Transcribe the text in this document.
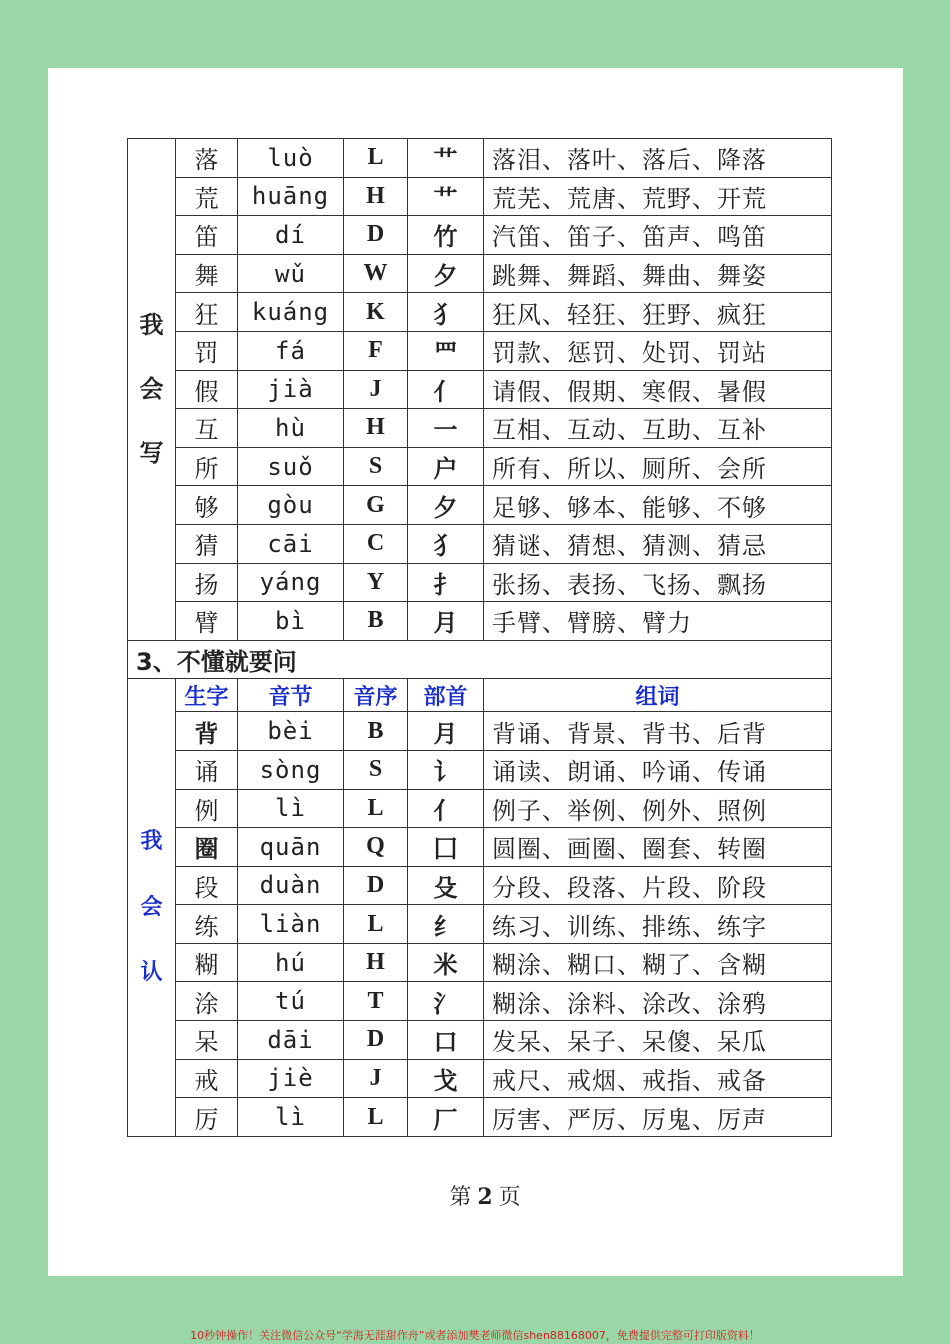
我
会
写	落	luò	L	艹	落泪、落叶、落后、降落
	荒	huāng	H	艹	荒芜、荒唐、荒野、开荒
	笛	dí	D	竹	汽笛、笛子、笛声、鸣笛
	舞	wǔ	W	夕	跳舞、舞蹈、舞曲、舞姿
	狂	kuáng	K	犭	狂风、轻狂、狂野、疯狂
	罚	fá	F	罒	罚款、惩罚、处罚、罚站
	假	jià	J	亻	请假、假期、寒假、暑假
	互	hù	H	一	互相、互动、互助、互补
	所	suǒ	S	户	所有、所以、厕所、会所
	够	gòu	G	夕	足够、够本、能够、不够
	猜	cāi	C	犭	猜谜、猜想、猜测、猜忌
	扬	yáng	Y	扌	张扬、表扬、飞扬、飘扬
	臂	bì	B	月	手臂、臂膀、臂力
3、不懂就要问					

我
会
认	生字	音节	音序	部首	组词
	背	bèi	B	月	背诵、背景、背书、后背
	诵	sòng	S	讠	诵读、朗诵、吟诵、传诵
	例	lì	L	亻	例子、举例、例外、照例
	圈	quān	Q	囗	圆圈、画圈、圈套、转圈
	段	duàn	D	殳	分段、段落、片段、阶段
	练	liàn	L	纟	练习、训练、排练、练字
	糊	hú	H	米	糊涂、糊口、糊了、含糊
	涂	tú	T	氵	糊涂、涂料、涂改、涂鸦
	呆	dāi	D	口	发呆、呆子、呆傻、呆瓜
	戒	jiè	J	戈	戒尺、戒烟、戒指、戒备
	厉	lì	L	厂	厉害、严厉、厉鬼、厉声
第 2 页
10秒钟操作！关注微信公众号“学海无涯甜作舟”或者添加樊老师微信shen88168007，免费提供完整可打印版资料！
